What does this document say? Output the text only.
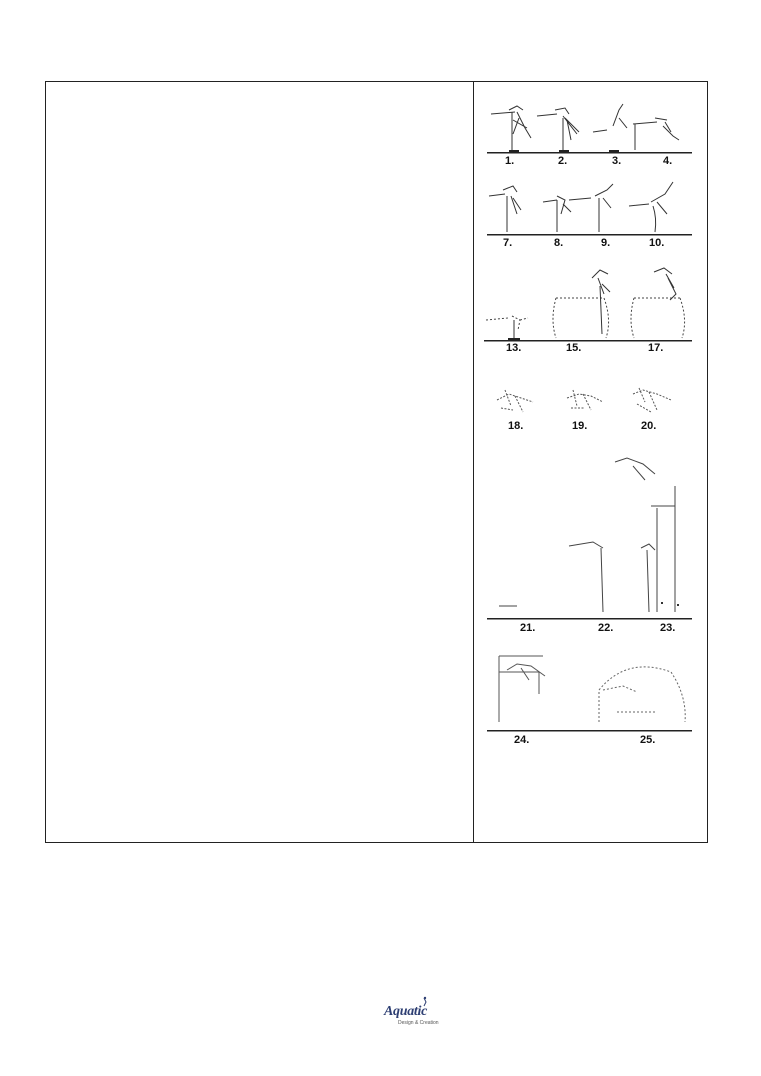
1.	2.	3.	4.
7.	8.	9.	10.
13.	15.	17.
18.	19.	20.
21.	22.	23.
24.	25.
Aquatic
Design & Creation
